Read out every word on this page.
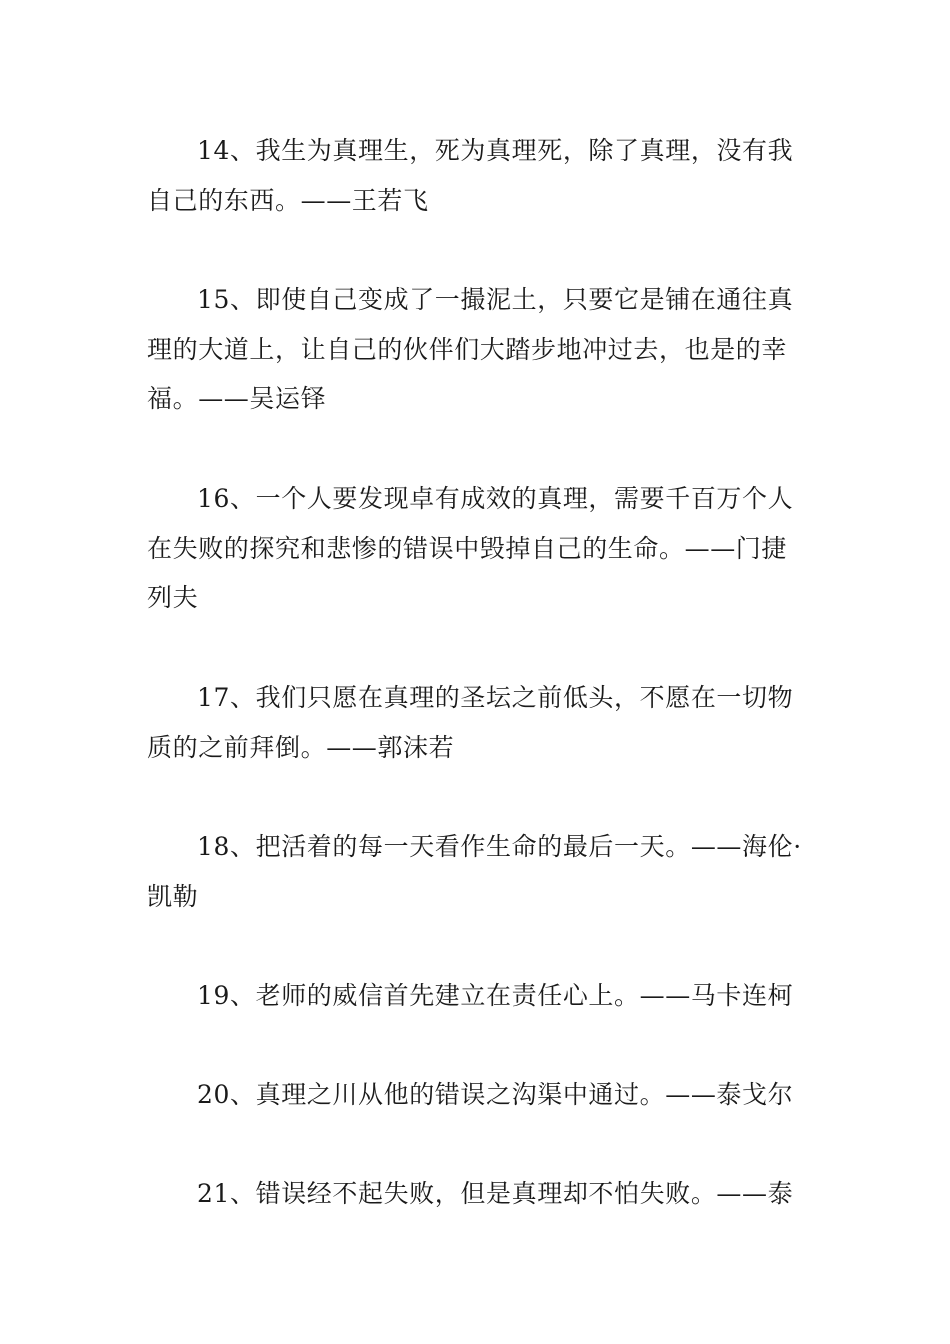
14、我生为真理生，死为真理死，除了真理，没有我自己的东西。——王若飞

15、即使自己变成了一撮泥土，只要它是铺在通往真理的大道上，让自己的伙伴们大踏步地冲过去，也是的幸福。——吴运铎

16、一个人要发现卓有成效的真理，需要千百万个人在失败的探究和悲惨的错误中毁掉自己的生命。——门捷列夫

17、我们只愿在真理的圣坛之前低头，不愿在一切物质的之前拜倒。——郭沫若

18、把活着的每一天看作生命的最后一天。——海伦·凯勒

19、老师的威信首先建立在责任心上。——马卡连柯

20、真理之川从他的错误之沟渠中通过。——泰戈尔

21、错误经不起失败，但是真理却不怕失败。——泰
